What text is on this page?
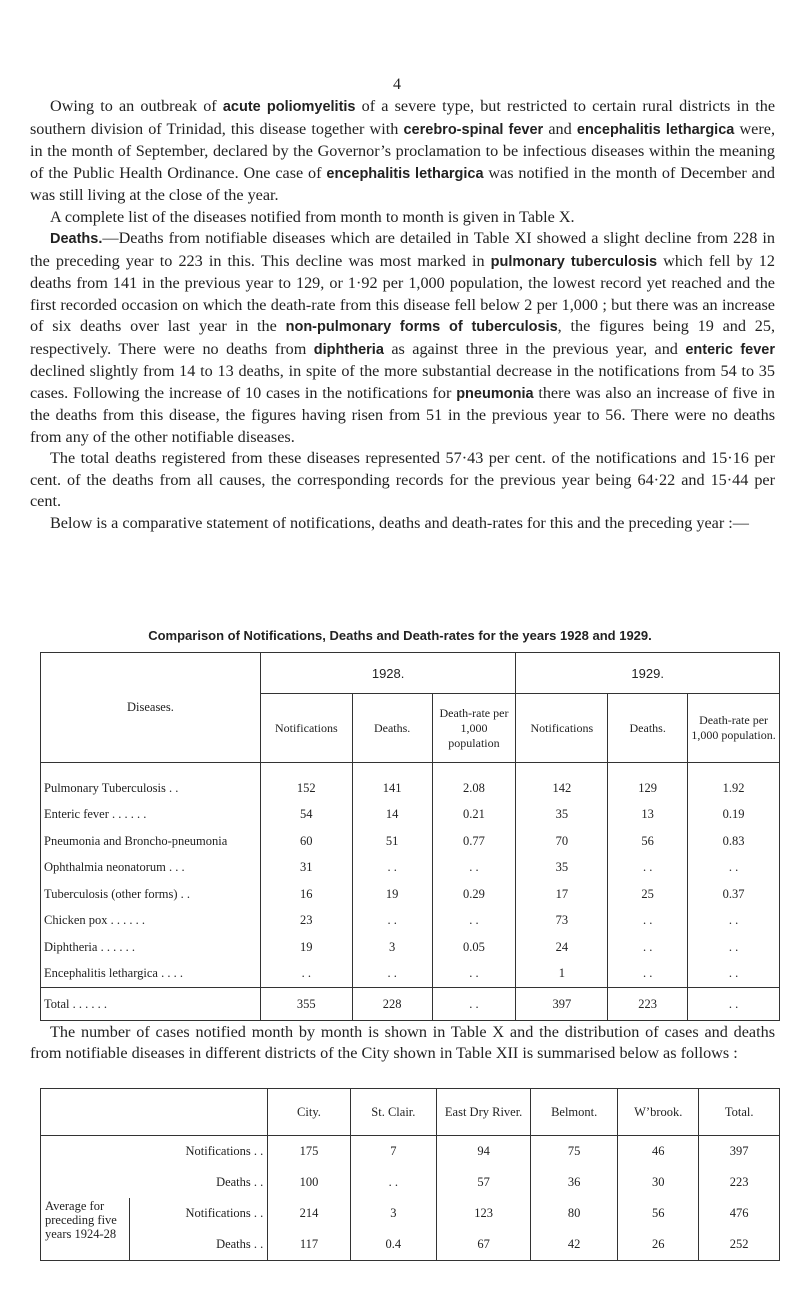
4

Owing to an outbreak of acute poliomyelitis of a severe type, but restricted to certain rural districts in the southern division of Trinidad, this disease together with cerebro-spinal fever and encephalitis lethargica were, in the month of September, declared by the Governor’s proclamation to be infectious diseases within the meaning of the Public Health Ordinance. One case of encephalitis lethargica was notified in the month of December and was still living at the close of the year.

A complete list of the diseases notified from month to month is given in Table X.

Deaths.—Deaths from notifiable diseases which are detailed in Table XI showed a slight decline from 228 in the preceding year to 223 in this. This decline was most marked in pulmonary tuberculosis which fell by 12 deaths from 141 in the previous year to 129, or 1·92 per 1,000 population, the lowest record yet reached and the first recorded occasion on which the death-rate from this disease fell below 2 per 1,000 ; but there was an increase of six deaths over last year in the non-pulmonary forms of tuberculosis, the figures being 19 and 25, respectively. There were no deaths from diphtheria as against three in the previous year, and enteric fever declined slightly from 14 to 13 deaths, in spite of the more substantial decrease in the notifications from 54 to 35 cases. Following the increase of 10 cases in the notifications for pneumonia there was also an increase of five in the deaths from this disease, the figures having risen from 51 in the previous year to 56. There were no deaths from any of the other notifiable diseases.

The total deaths registered from these diseases represented 57·43 per cent. of the notifications and 15·16 per cent. of the deaths from all causes, the corresponding records for the previous year being 64·22 and 15·44 per cent.

Below is a comparative statement of notifications, deaths and death-rates for this and the preceding year :—

Comparison of Notifications, Deaths and Death-rates for the years 1928 and 1929.
Diseases.	1928.			1929.		
	Notifications	Deaths.	Death-rate per 1,000 population	Notifications	Deaths.	Death-rate per 1,000 population.
Pulmonary Tuberculosis . .	152	141	2.08	142	129	1.92
Enteric fever . . . . . .	54	14	0.21	35	13	0.19
Pneumonia and Broncho-pneumonia	60	51	0.77	70	56	0.83
Ophthalmia neonatorum . . .	31	. .	. .	35	. .	. .
Tuberculosis (other forms) . .	16	19	0.29	17	25	0.37
Chicken pox . . . . . .	23	. .	. .	73	. .	. .
Diphtheria . . . . . .	19	3	0.05	24	. .	. .
Encephalitis lethargica . . . .	. .	. .	. .	1	. .	. .
Total . . . . . .	355	228	. .	397	223	. .

The number of cases notified month by month is shown in Table X and the distribution of cases and deaths from notifiable diseases in different districts of the City shown in Table XII is summarised below as follows :

		City.	St. Clair.	East Dry River.	Belmont.	W’brook.	Total.
Notifications . .		175	7	94	75	46	397
Deaths . .		100	. .	57	36	30	223
Average for
preceding five
years 1924-28	Notifications . .	214	3	123	80	56	476
	Deaths . .	117	0.4	67	42	26	252
